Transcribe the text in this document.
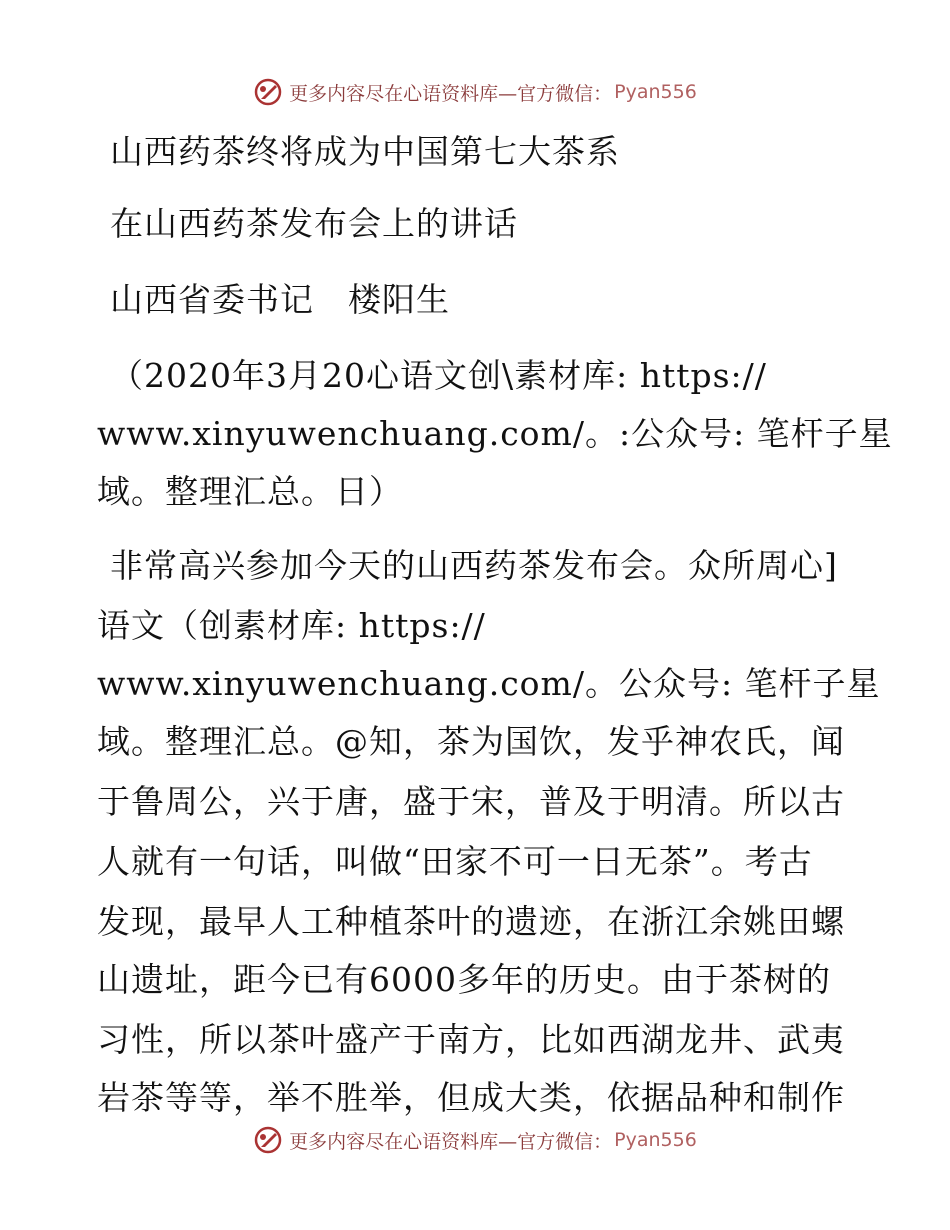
更多内容尽在心语资料库—官方微信： Pyan556
山西药茶终将成为中国第七大茶系
在山西药茶发布会上的讲话
山西省委书记　楼阳生
（2020年3月20心语文创\素材库: https://
www.xinyuwenchuang.com/。:公众号: 笔杆子星
域。整理汇总。日）
非常高兴参加今天的山西药茶发布会。众所周心]
语文（创素材库: https://
www.xinyuwenchuang.com/。公众号: 笔杆子星
域。整理汇总。@知，茶为国饮，发乎神农氏，闻
于鲁周公，兴于唐，盛于宋，普及于明清。所以古
人就有一句话，叫做“田家不可一日无茶”。考古
发现，最早人工种植茶叶的遗迹，在浙江余姚田螺
山遗址，距今已有6000多年的历史。由于茶树的
习性，所以茶叶盛产于南方，比如西湖龙井、武夷
岩茶等等，举不胜举，但成大类，依据品种和制作
更多内容尽在心语资料库—官方微信： Pyan556
